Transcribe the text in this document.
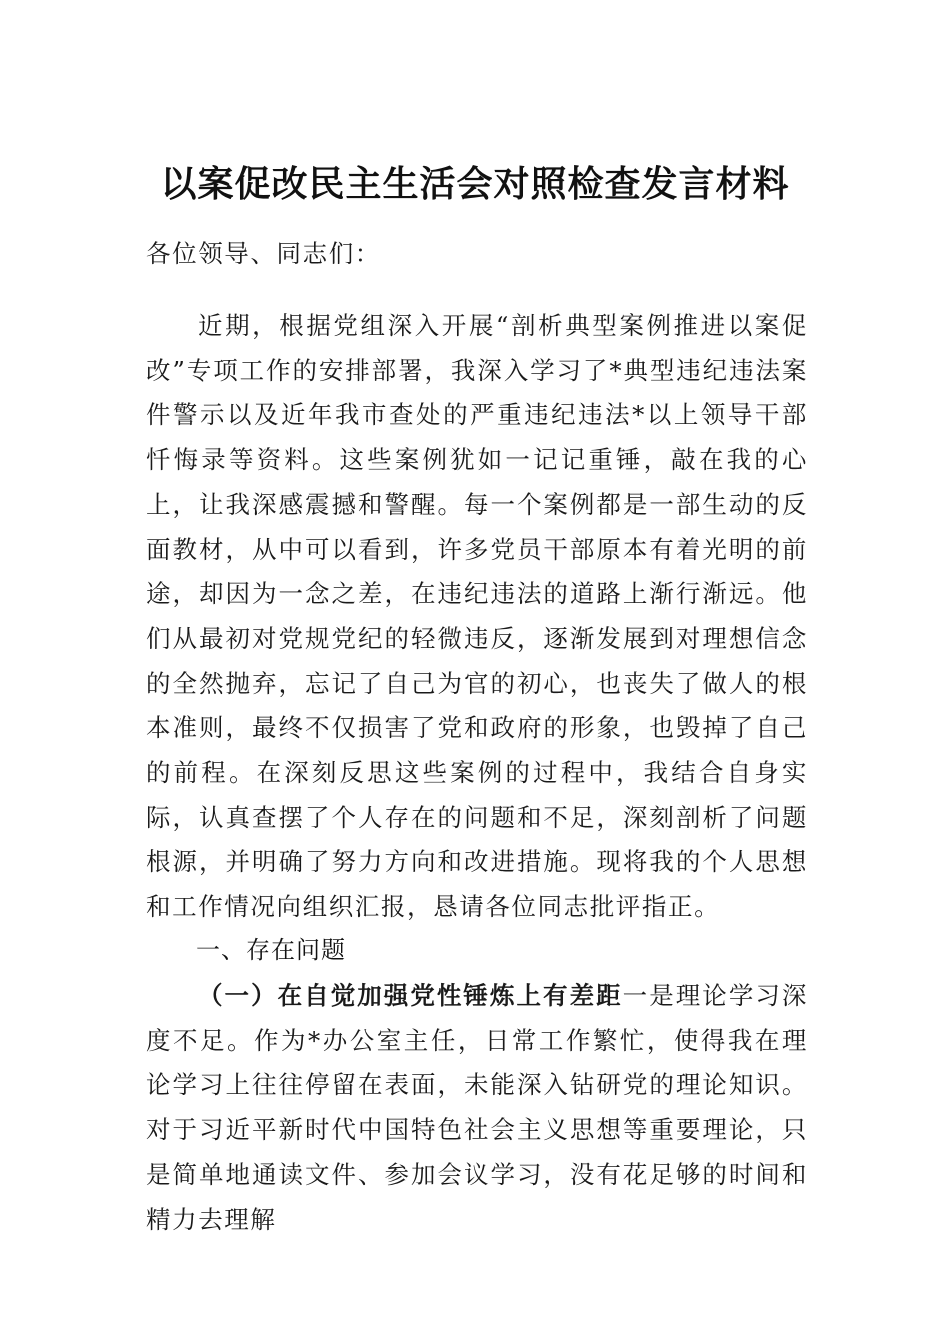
以案促改民主生活会对照检查发言材料
各位领导、同志们：
近期，根据党组深入开展“剖析典型案例推进以案促改”专项工作的安排部署，我深入学习了*典型违纪违法案件警示以及近年我市查处的严重违纪违法*以上领导干部忏悔录等资料。这些案例犹如一记记重锤，敲在我的心上，让我深感震撼和警醒。每一个案例都是一部生动的反面教材，从中可以看到，许多党员干部原本有着光明的前途，却因为一念之差，在违纪违法的道路上渐行渐远。他们从最初对党规党纪的轻微违反，逐渐发展到对理想信念的全然抛弃，忘记了自己为官的初心，也丧失了做人的根本准则，最终不仅损害了党和政府的形象，也毁掉了自己的前程。在深刻反思这些案例的过程中，我结合自身实际，认真查摆了个人存在的问题和不足，深刻剖析了问题根源，并明确了努力方向和改进措施。现将我的个人思想和工作情况向组织汇报，恳请各位同志批评指正。
一、存在问题
（一）在自觉加强党性锤炼上有差距一是理论学习深度不足。作为*办公室主任，日常工作繁忙，使得我在理论学习上往往停留在表面，未能深入钻研党的理论知识。对于习近平新时代中国特色社会主义思想等重要理论，只是简单地通读文件、参加会议学习，没有花足够的时间和精力去理解
